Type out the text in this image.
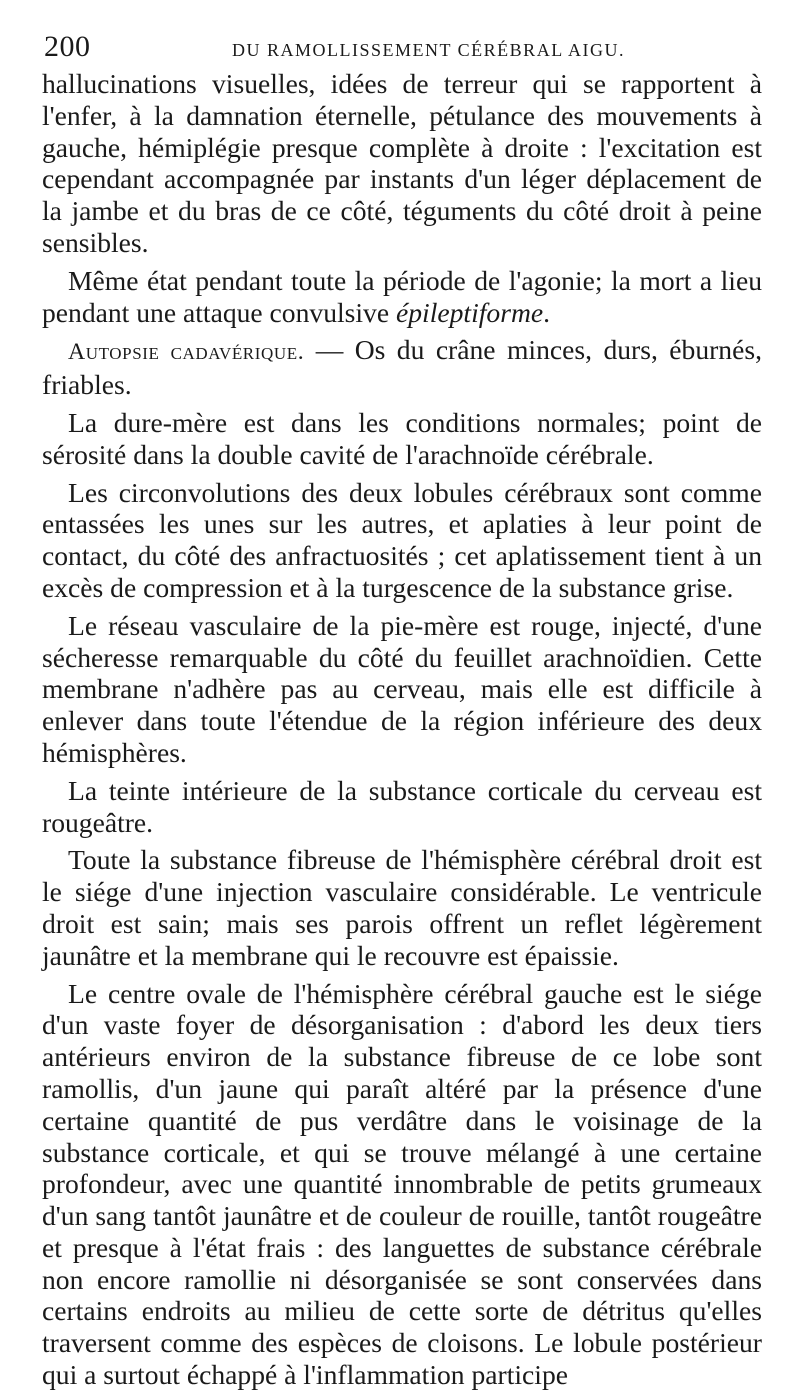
200	DU RAMOLLISSEMENT CÉRÉBRAL AIGU.

hallucinations visuelles, idées de terreur qui se rapportent à l'enfer, à la damnation éternelle, pétulance des mouvements à gauche, hémiplégie presque complète à droite : l'excitation est cependant accompagnée par instants d'un léger déplacement de la jambe et du bras de ce côté, téguments du côté droit à peine sensibles.

Même état pendant toute la période de l'agonie; la mort a lieu pendant une attaque convulsive épileptiforme.

Autopsie cadavérique. — Os du crâne minces, durs, éburnés, friables.

La dure-mère est dans les conditions normales; point de sérosité dans la double cavité de l'arachnoïde cérébrale.

Les circonvolutions des deux lobules cérébraux sont comme entassées les unes sur les autres, et aplaties à leur point de contact, du côté des anfractuosités ; cet aplatissement tient à un excès de compression et à la turgescence de la substance grise.

Le réseau vasculaire de la pie-mère est rouge, injecté, d'une sécheresse remarquable du côté du feuillet arachnoïdien. Cette membrane n'adhère pas au cerveau, mais elle est difficile à enlever dans toute l'étendue de la région inférieure des deux hémisphères.

La teinte intérieure de la substance corticale du cerveau est rougeâtre.

Toute la substance fibreuse de l'hémisphère cérébral droit est le siége d'une injection vasculaire considérable. Le ventricule droit est sain; mais ses parois offrent un reflet légèrement jaunâtre et la membrane qui le recouvre est épaissie.

Le centre ovale de l'hémisphère cérébral gauche est le siége d'un vaste foyer de désorganisation : d'abord les deux tiers antérieurs environ de la substance fibreuse de ce lobe sont ramollis, d'un jaune qui paraît altéré par la présence d'une certaine quantité de pus verdâtre dans le voisinage de la substance corticale, et qui se trouve mélangé à une certaine profondeur, avec une quantité innombrable de petits grumeaux d'un sang tantôt jaunâtre et de couleur de rouille, tantôt rougeâtre et presque à l'état frais : des languettes de substance cérébrale non encore ramollie ni désorganisée se sont conservées dans certains endroits au milieu de cette sorte de détritus qu'elles traversent comme des espèces de cloisons. Le lobule postérieur qui a surtout échappé à l'inflammation participe
